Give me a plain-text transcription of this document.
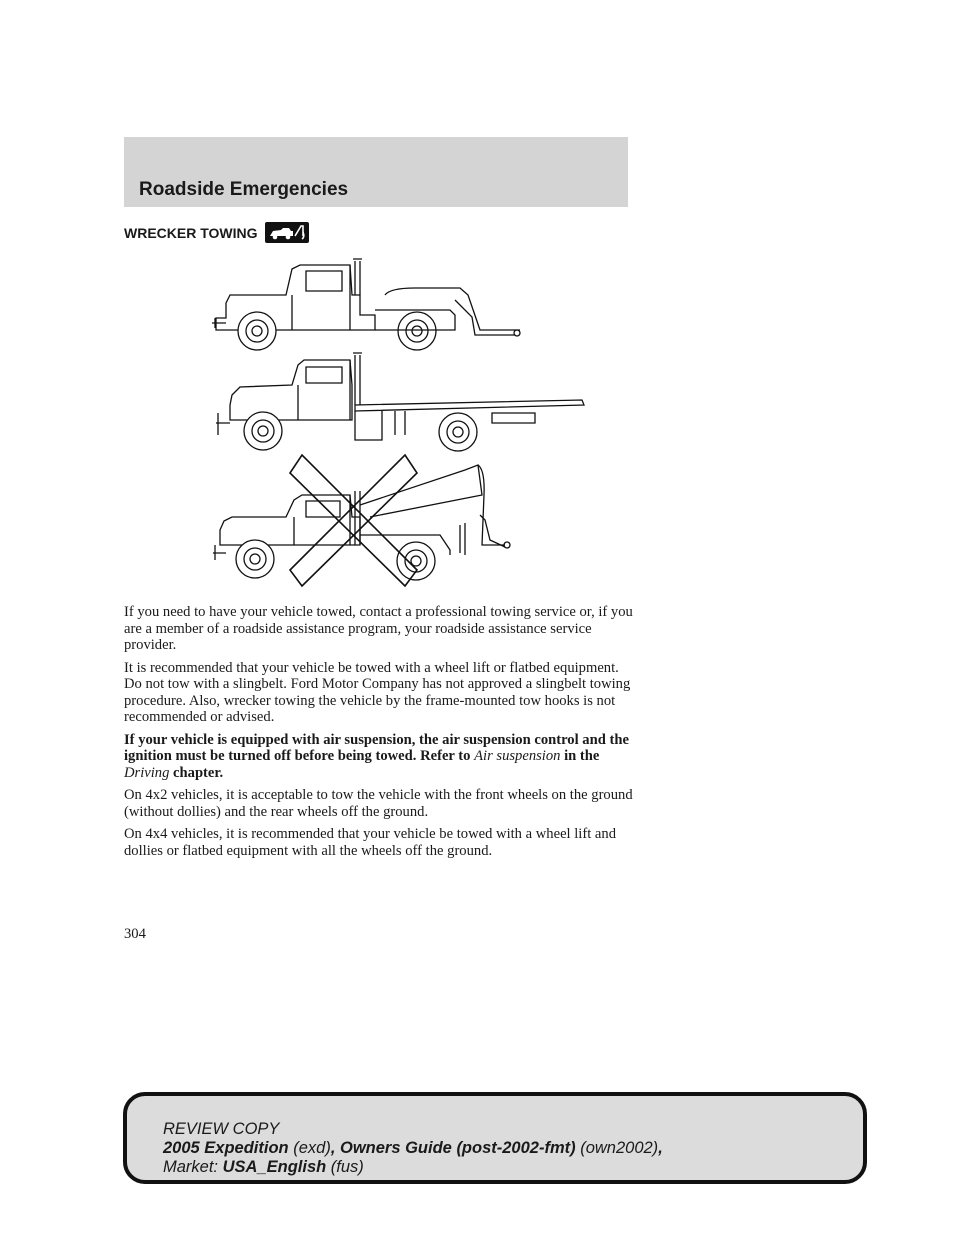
Roadside Emergencies
WRECKER TOWING

If you need to have your vehicle towed, contact a professional towing service or, if you are a member of a roadside assistance program, your roadside assistance service provider.

It is recommended that your vehicle be towed with a wheel lift or flatbed equipment. Do not tow with a slingbelt. Ford Motor Company has not approved a slingbelt towing procedure. Also, wrecker towing the vehicle by the frame-mounted tow hooks is not recommended or advised.

If your vehicle is equipped with air suspension, the air suspension control and the ignition must be turned off before being towed. Refer to Air suspension in the Driving chapter.

On 4x2 vehicles, it is acceptable to tow the vehicle with the front wheels on the ground (without dollies) and the rear wheels off the ground.

On 4x4 vehicles, it is recommended that your vehicle be towed with a wheel lift and dollies or flatbed equipment with all the wheels off the ground.

304
REVIEW COPY
2005 Expedition (exd), Owners Guide (post-2002-fmt) (own2002),
Market: USA_English (fus)
